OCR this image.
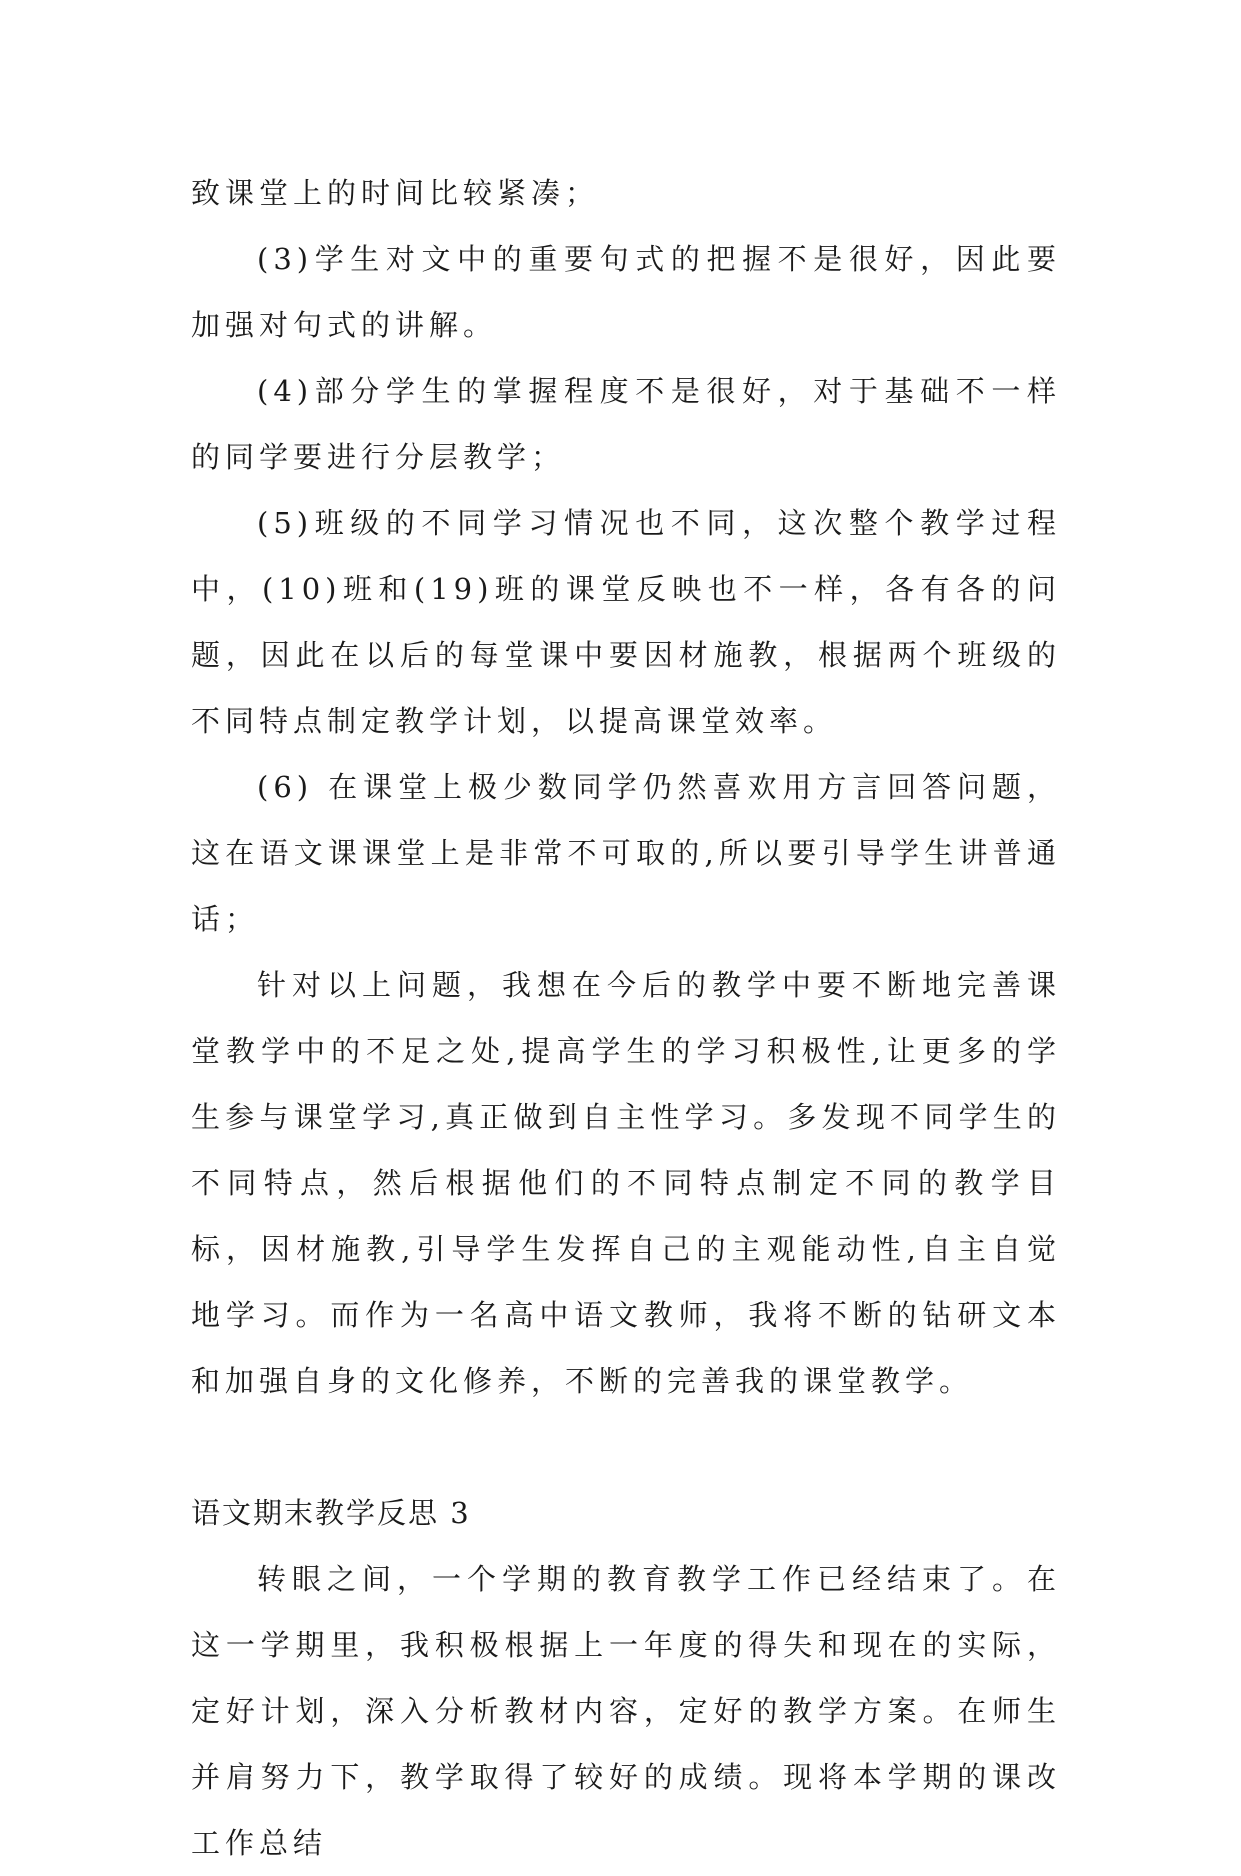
致课堂上的时间比较紧凑；

(3)学生对文中的重要句式的把握不是很好，因此要加强对句式的讲解。

(4)部分学生的掌握程度不是很好，对于基础不一样的同学要进行分层教学；

(5)班级的不同学习情况也不同，这次整个教学过程中，(10)班和(19)班的课堂反映也不一样，各有各的问题，因此在以后的每堂课中要因材施教，根据两个班级的不同特点制定教学计划，以提高课堂效率。

(6) 在课堂上极少数同学仍然喜欢用方言回答问题，这在语文课课堂上是非常不可取的,所以要引导学生讲普通话；

针对以上问题，我想在今后的教学中要不断地完善课堂教学中的不足之处,提高学生的学习积极性,让更多的学生参与课堂学习,真正做到自主性学习。多发现不同学生的不同特点，然后根据他们的不同特点制定不同的教学目标，因材施教,引导学生发挥自己的主观能动性,自主自觉地学习。而作为一名高中语文教师，我将不断的钻研文本和加强自身的文化修养，不断的完善我的课堂教学。

语文期末教学反思 3

转眼之间，一个学期的教育教学工作已经结束了。在这一学期里，我积极根据上一年度的得失和现在的实际，定好计划，深入分析教材内容，定好的教学方案。在师生并肩努力下，教学取得了较好的成绩。现将本学期的课改工作总结
